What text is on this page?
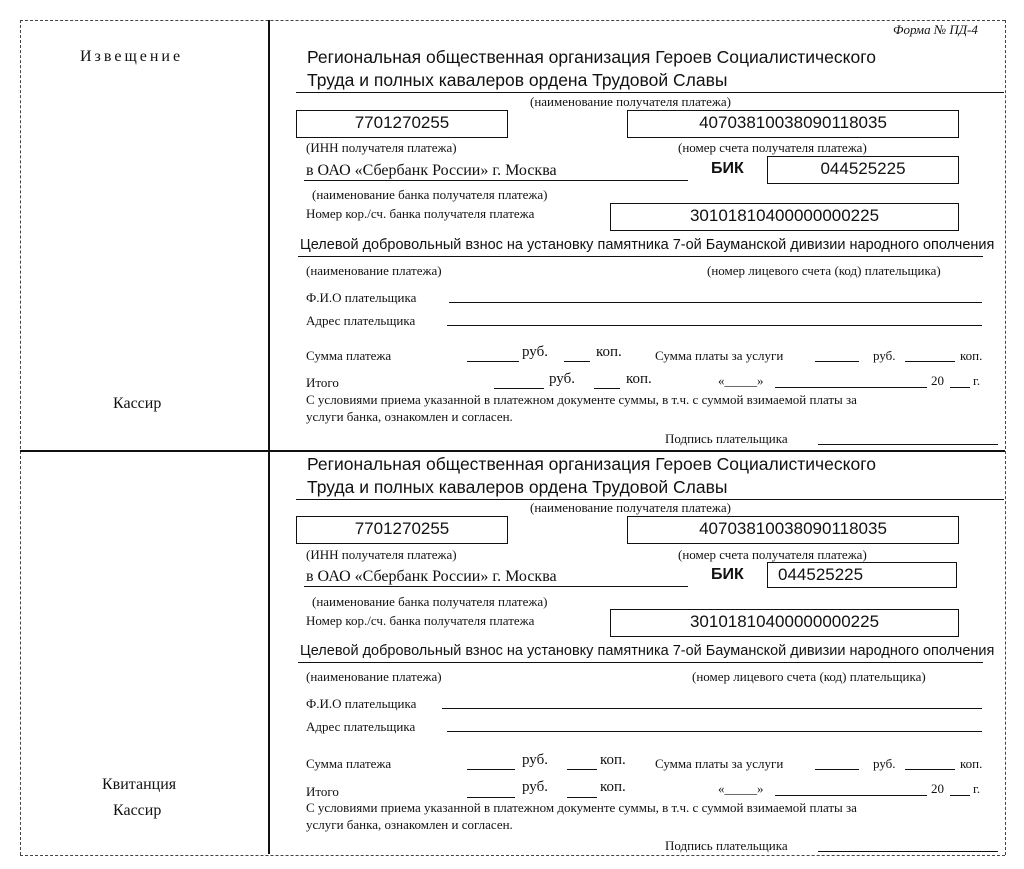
Форма № ПД-4
Извещение
Кассир
Региональная общественная организация Героев Социалистического
Труда и полных кавалеров ордена Трудовой Славы
(наименование получателя платежа)
7701270255	40703810038090118035
(ИНН получателя платежа)	(номер счета получателя платежа)
в ОАО «Сбербанк России» г. Москва	БИК	044525225
(наименование банка получателя платежа)
Номер кор./сч. банка получателя платежа	30101810400000000225
Целевой добровольный взнос на установку памятника 7-ой Бауманской дивизии народного ополчения
(наименование платежа)	(номер лицевого счета (код) плательщика)
Ф.И.О плательщика
Адрес плательщика
Сумма платежа	руб.	коп.	Сумма платы за услуги	руб.	коп.
Итого	руб.	коп.	«_____»	20 г.
С условиями приема указанной в платежном документе суммы, в т.ч. с суммой взимаемой платы за
услуги банка, ознакомлен и согласен.
Подпись плательщика
Квитанция
Кассир
Региональная общественная организация Героев Социалистического
Труда и полных кавалеров ордена Трудовой Славы
(наименование получателя платежа)
7701270255	40703810038090118035
(ИНН получателя платежа)	(номер счета получателя платежа)
в ОАО «Сбербанк России» г. Москва	БИК	044525225
(наименование банка получателя платежа)
Номер кор./сч. банка получателя платежа	30101810400000000225
Целевой добровольный взнос на установку памятника 7-ой Бауманской дивизии народного ополчения
(наименование платежа)	(номер лицевого счета (код) плательщика)
Ф.И.О плательщика
Адрес плательщика
Сумма платежа	руб.	коп. Сумма платы за услуги	руб.	коп.
Итого	руб.	коп.	«_____»	20 г.
С условиями приема указанной в платежном документе суммы, в т.ч. с суммой взимаемой платы за
услуги банка, ознакомлен и согласен.
Подпись плательщика
